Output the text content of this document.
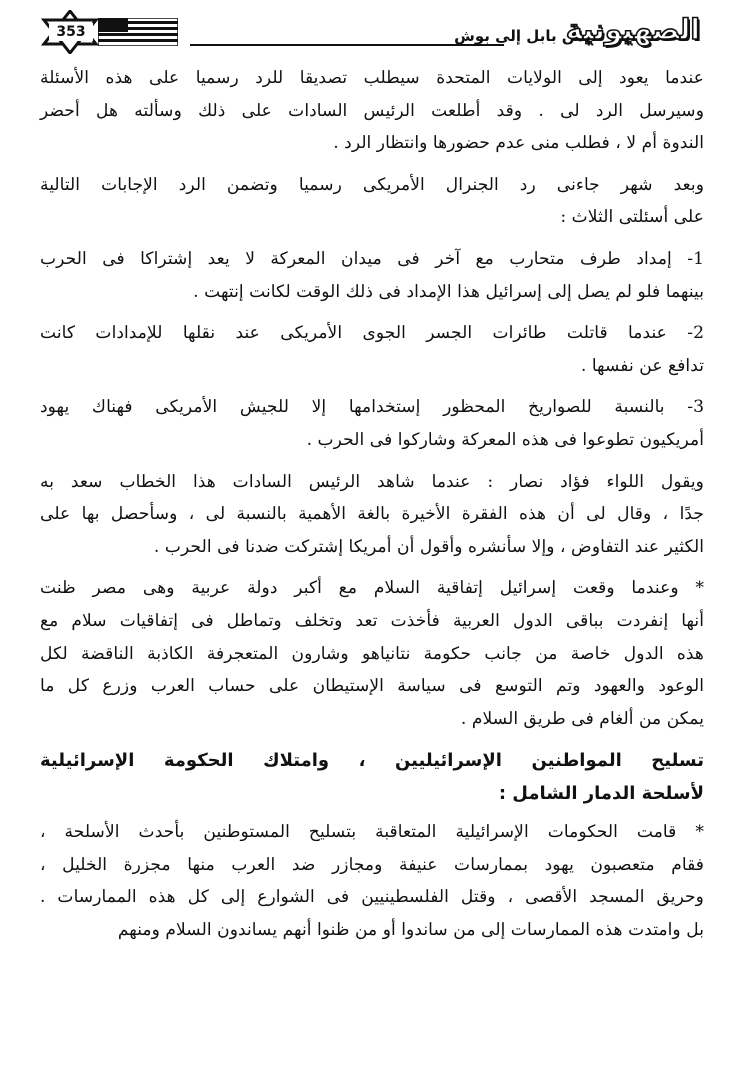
353	..من بابل إلى بوش
الصهيونية
عندما يعود إلى الولايات المتحدة سيطلب تصديقا للرد رسميا على هذه الأسئلة
وسيرسل الرد لى . وقد أطلعت الرئيس السادات على ذلك وسألته هل أحضر
الندوة أم لا ، فطلب منى عدم حضورها وانتظار الرد .
وبعد شهر جاءنى رد الجنرال الأمريكى رسميا وتضمن الرد الإجابات التالية
على أسئلتى الثلاث :
1- إمداد طرف متحارب مع آخر فى ميدان المعركة لا يعد إشتراكا فى الحرب
بينهما فلو لم يصل إلى إسرائيل هذا الإمداد فى ذلك الوقت لكانت إنتهت .
2- عندما قاتلت طائرات الجسر الجوى الأمريكى عند نقلها للإمدادات كانت
تدافع عن نفسها .
3- بالنسبة للصواريخ المحظور إستخدامها إلا للجيش الأمريكى فهناك يهود
أمريكيون تطوعوا فى هذه المعركة وشاركوا فى الحرب .
ويقول اللواء فؤاد نصار : عندما شاهد الرئيس السادات هذا الخطاب سعد به
جدًا ، وقال لى أن هذه الفقرة الأخيرة بالغة الأهمية بالنسبة لى ، وسأحصل بها على
الكثير عند التفاوض ، وإلا سأنشره وأقول أن أمريكا إشتركت ضدنا فى الحرب .
* وعندما وقعت إسرائيل إتفاقية السلام مع أكبر دولة عربية وهى مصر ظنت
أنها إنفردت بباقى الدول العربية فأخذت تعد وتخلف وتماطل فى إتفاقيات سلام مع
هذه الدول خاصة من جانب حكومة نتانياهو وشارون المتعجرفة الكاذبة الناقضة لكل
الوعود والعهود وتم التوسع فى سياسة الإستيطان على حساب العرب وزرع كل ما
يمكن من ألغام فى طريق السلام .
تسليح المواطنين الإسرائيليين ، وامتلاك الحكومة الإسرائيلية
لأسلحة الدمار الشامل :
* قامت الحكومات الإسرائيلية المتعاقبة بتسليح المستوطنين بأحدث الأسلحة ،
فقام متعصبون يهود بممارسات عنيفة ومجازر ضد العرب منها مجزرة الخليل ،
وحريق المسجد الأقصى ، وقتل الفلسطينيين فى الشوارع إلى كل هذه الممارسات .
بل وامتدت هذه الممارسات إلى من ساندوا أو من ظنوا أنهم يساندون السلام ومنهم
